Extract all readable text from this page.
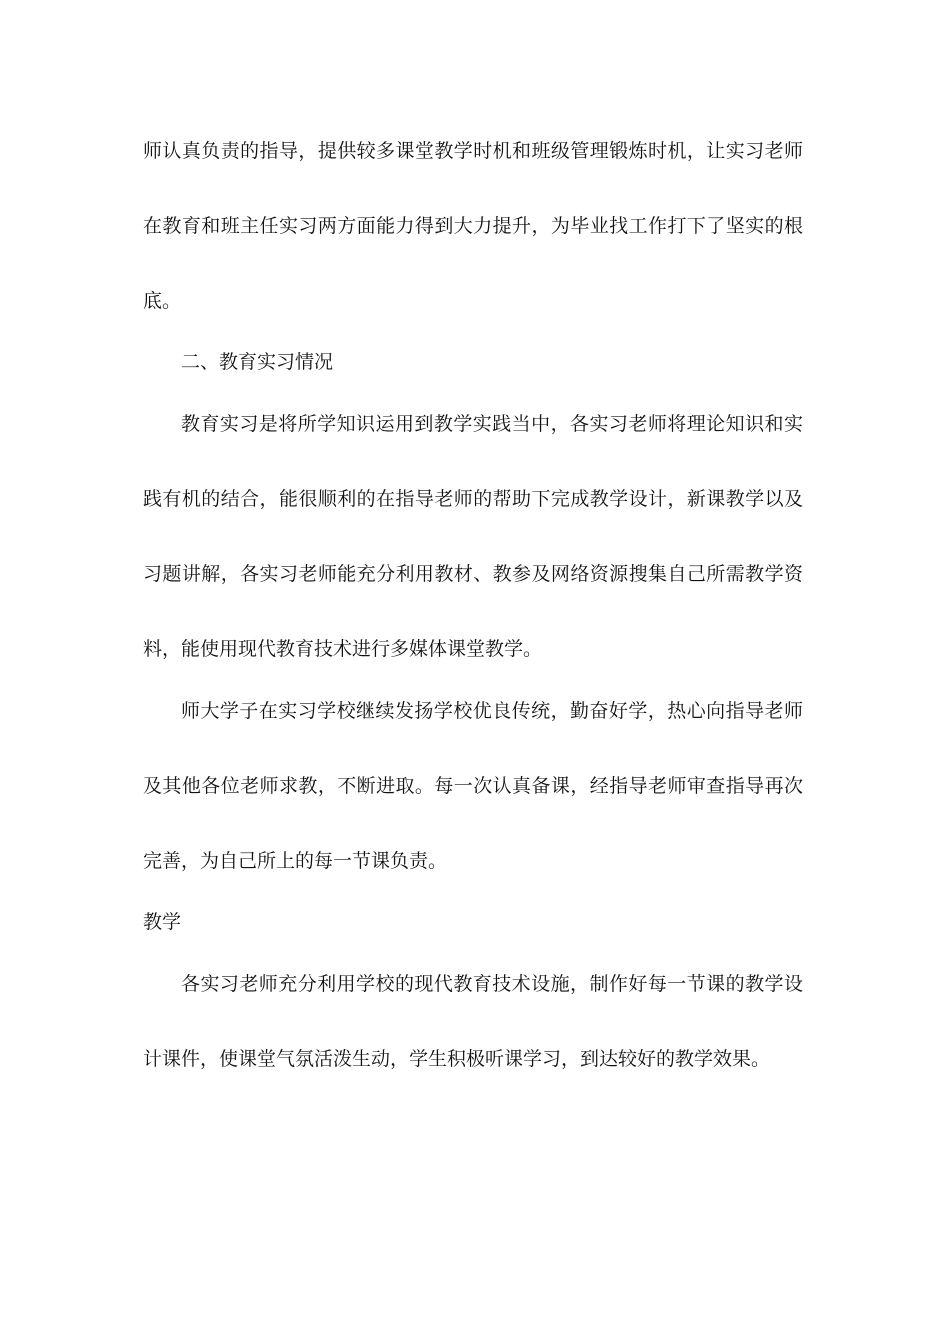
师认真负责的指导，提供较多课堂教学时机和班级管理锻炼时机，让实习老师
在教育和班主任实习两方面能力得到大力提升，为毕业找工作打下了坚实的根
底。
二、教育实习情况
教育实习是将所学知识运用到教学实践当中，各实习老师将理论知识和实
践有机的结合，能很顺利的在指导老师的帮助下完成教学设计，新课教学以及
习题讲解，各实习老师能充分利用教材、教参及网络资源搜集自己所需教学资
料，能使用现代教育技术进行多媒体课堂教学。
师大学子在实习学校继续发扬学校优良传统，勤奋好学，热心向指导老师
及其他各位老师求教，不断进取。每一次认真备课，经指导老师审查指导再次
完善，为自己所上的每一节课负责。
教学
各实习老师充分利用学校的现代教育技术设施，制作好每一节课的教学设
计课件，使课堂气氛活泼生动，学生积极听课学习，到达较好的教学效果。
